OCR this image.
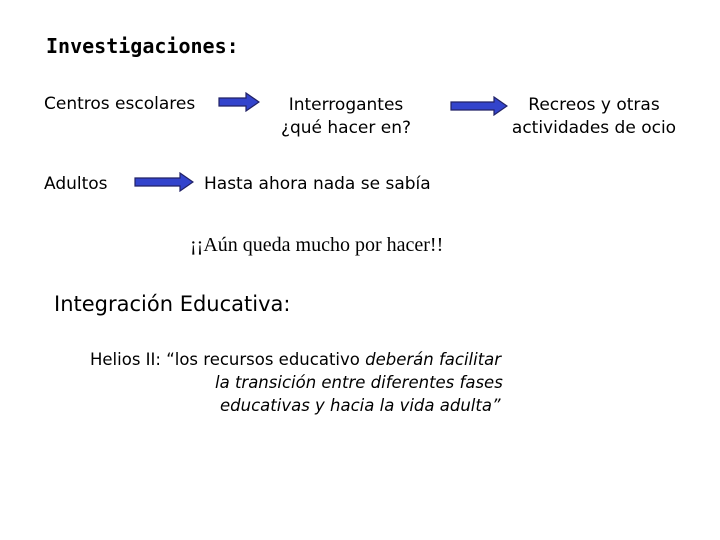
Investigaciones:
Centros escolares	Interrogantes
¿qué hacer en?
Recreos y otras
actividades de ocio
Adultos	Hasta ahora nada se sabía
¡¡Aún queda mucho por hacer!!
Integración Educativa:
Helios II: “los recursos educativo deberán facilitar
la transición entre diferentes fases
educativas y hacia la vida adulta”
